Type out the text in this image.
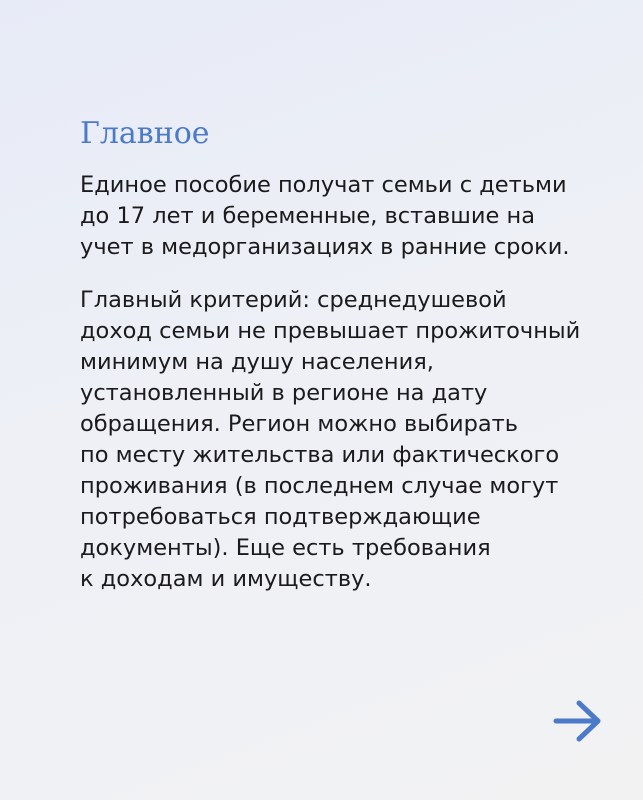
Главное

Единое пособие получат семьи с детьми
до 17 лет и беременные, вставшие на
учет в медорганизациях в ранние сроки.

Главный критерий: среднедушевой
доход семьи не превышает прожиточный
минимум на душу населения,
установленный в регионе на дату
обращения. Регион можно выбирать
по месту жительства или фактического
проживания (в последнем случае могут
потребоваться подтверждающие
документы). Еще есть требования
к доходам и имуществу.
